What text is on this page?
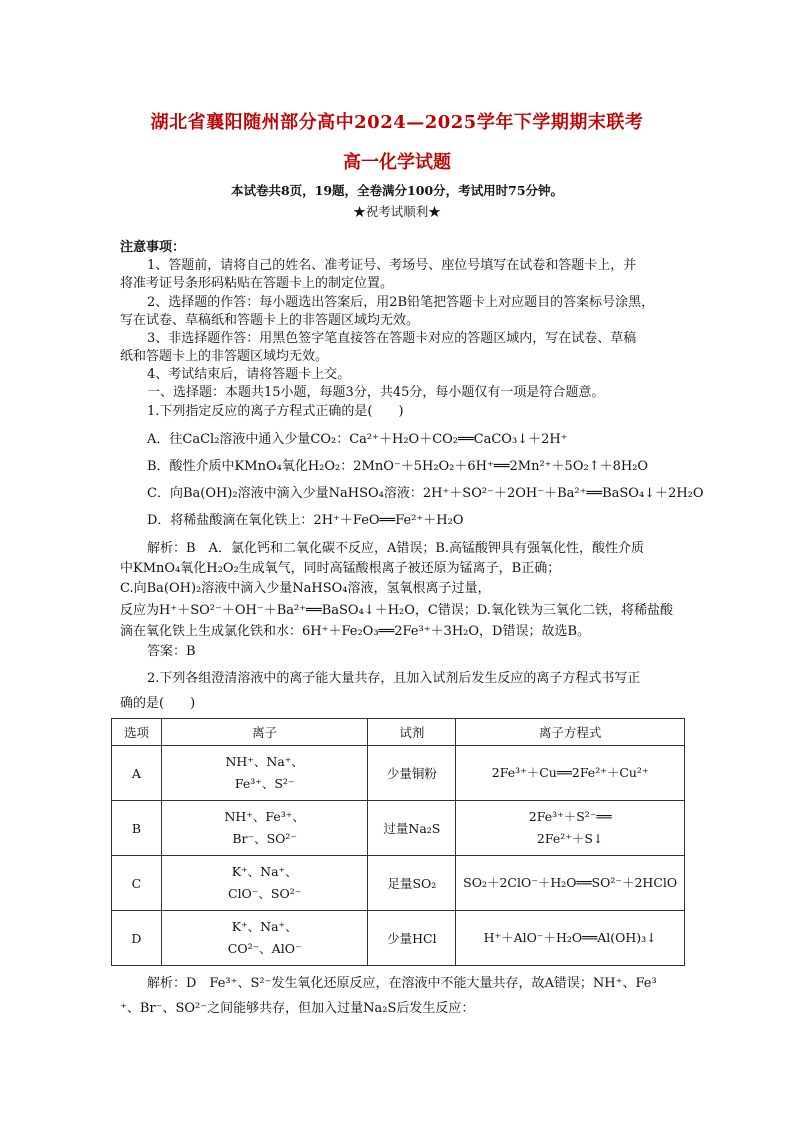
湖北省襄阳随州部分高中2024—2025学年下学期期末联考
高一化学试题
本试卷共8页，19题，全卷满分100分，考试用时75分钟。
★祝考试顺利★
注意事项：
1、答题前，请将自己的姓名、准考证号、考场号、座位号填写在试卷和答题卡上，并
将准考证号条形码粘贴在答题卡上的制定位置。
2、选择题的作答：每小题选出答案后，用2B铅笔把答题卡上对应题目的答案标号涂黑，
写在试卷、草稿纸和答题卡上的非答题区域均无效。
3、非选择题作答：用黑色签字笔直接答在答题卡对应的答题区域内，写在试卷、草稿
纸和答题卡上的非答题区域均无效。
4、考试结束后，请将答题卡上交。
一、选择题：本题共15小题，每题3分，共45分，每小题仅有一项是符合题意。
1.下列指定反应的离子方程式正确的是(　　)
A．往CaCl₂溶液中通入少量CO₂：Ca²⁺＋H₂O＋CO₂══CaCO₃↓＋2H⁺
B．酸性介质中KMnO₄氧化H₂O₂：2MnO⁻＋5H₂O₂＋6H⁺══2Mn²⁺＋5O₂↑＋8H₂O
C．向Ba(OH)₂溶液中滴入少量NaHSO₄溶液：2H⁺＋SO²⁻＋2OH⁻＋Ba²⁺══BaSO₄↓＋2H₂O
D．将稀盐酸滴在氧化铁上：2H⁺＋FeO══Fe²⁺＋H₂O
解析：B　A．氯化钙和二氧化碳不反应，A错误；B.高锰酸钾具有强氧化性，酸性介质
中KMnO₄氧化H₂O₂生成氧气，同时高锰酸根离子被还原为锰离子，B正确；
C.向Ba(OH)₂溶液中滴入少量NaHSO₄溶液，氢氧根离子过量，
反应为H⁺＋SO²⁻＋OH⁻＋Ba²⁺══BaSO₄↓＋H₂O，C错误；D.氧化铁为三氧化二铁，将稀盐酸
滴在氧化铁上生成氯化铁和水：6H⁺＋Fe₂O₃══2Fe³⁺＋3H₂O，D错误；故选B。
答案：B
2.下列各组澄清溶液中的离子能大量共存，且加入试剂后发生反应的离子方程式书写正
确的是(　　)
选项	离子	试剂	离子方程式
A	NH⁺、Na⁺、
Fe³⁺、S²⁻	少量铜粉	2Fe³⁺＋Cu══2Fe²⁺＋Cu²⁺

B	NH⁺、Fe³⁺、
Br⁻、SO²⁻	过量Na₂S	2Fe³⁺＋S²⁻══
2Fe²⁺＋S↓

C	K⁺、Na⁺、
ClO⁻、SO²⁻	足量SO₂	SO₂＋2ClO⁻＋H₂O══SO²⁻＋2HClO

D	K⁺、Na⁺、
CO²⁻、AlO⁻	少量HCl	H⁺＋AlO⁻＋H₂O══Al(OH)₃↓
解析：D　Fe³⁺、S²⁻发生氧化还原反应，在溶液中不能大量共存，故A错误；NH⁺、Fe³
⁺、Br⁻、SO²⁻之间能够共存，但加入过量Na₂S后发生反应：
